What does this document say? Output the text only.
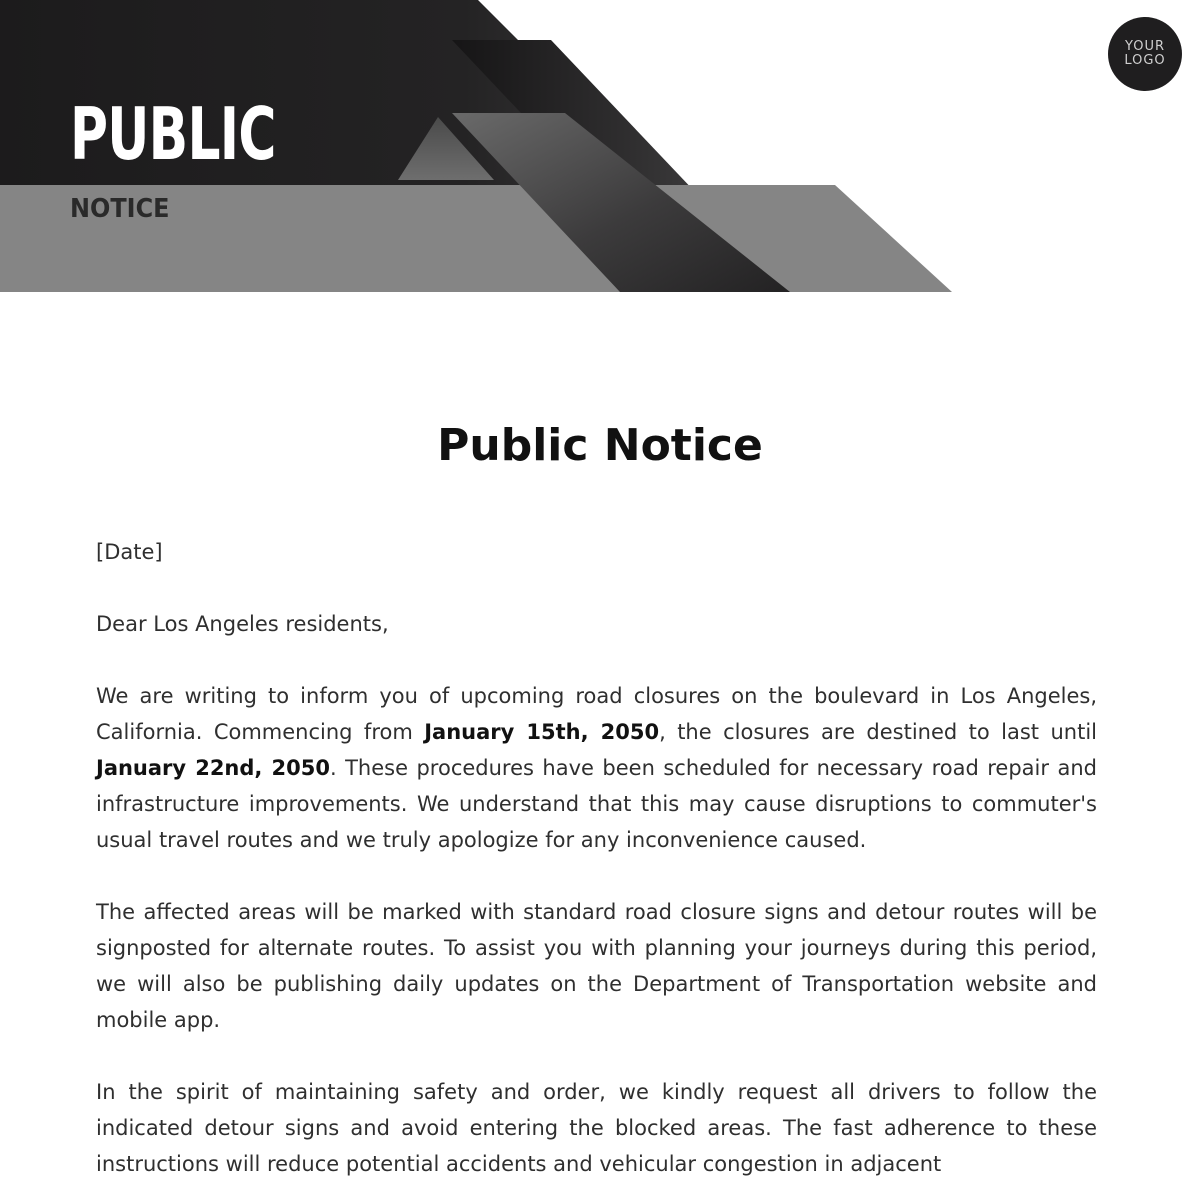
PUBLIC
NOTICE
YOUR
LOGO
Public Notice

[Date]

Dear Los Angeles residents,

We are writing to inform you of upcoming road closures on the boulevard in Los Angeles, California. Commencing from January 15th, 2050, the closures are destined to last until January 22nd, 2050. These procedures have been scheduled for necessary road repair and infrastructure improvements. We understand that this may cause disruptions to commuter's usual travel routes and we truly apologize for any inconvenience caused.

The affected areas will be marked with standard road closure signs and detour routes will be signposted for alternate routes. To assist you with planning your journeys during this period, we will also be publishing daily updates on the Department of Transportation website and mobile app.

In the spirit of maintaining safety and order, we kindly request all drivers to follow the indicated detour signs and avoid entering the blocked areas. The fast adherence to these instructions will reduce potential accidents and vehicular congestion in adjacent
